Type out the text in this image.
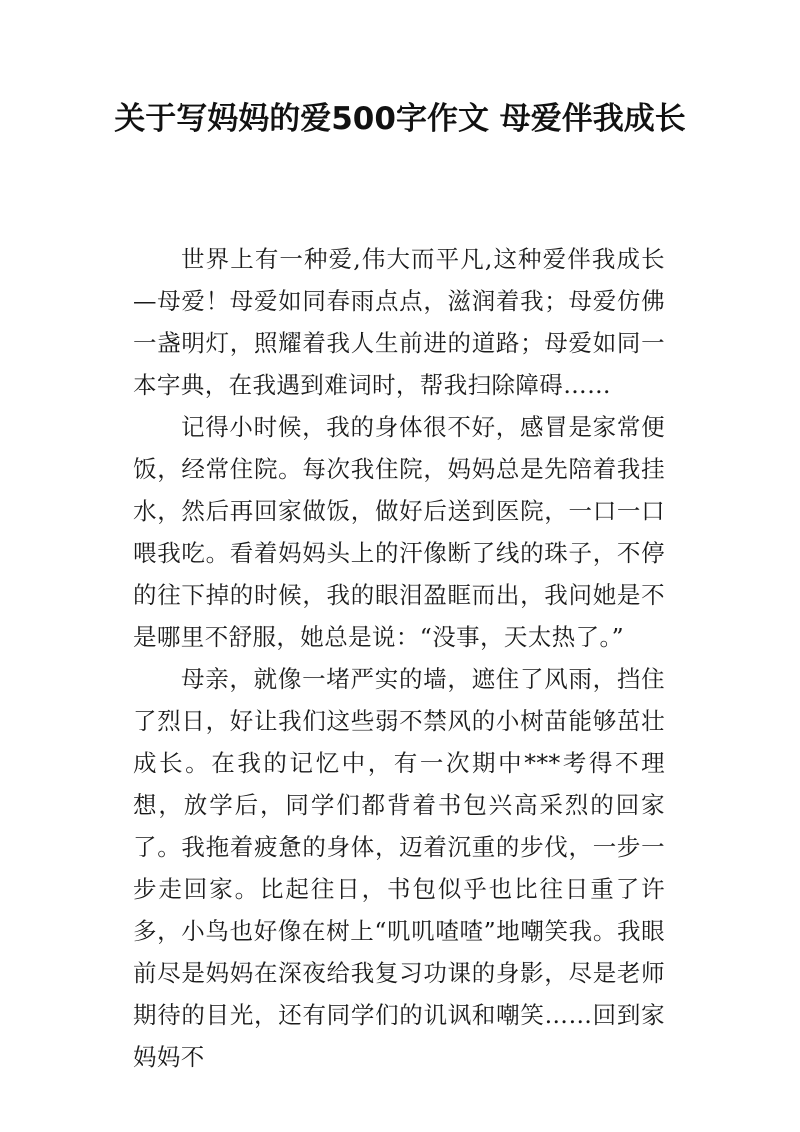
关于写妈妈的爱500字作文 母爱伴我成长

世界上有一种爱,伟大而平凡,这种爱伴我成长—母爱！母爱如同春雨点点，滋润着我；母爱仿佛一盏明灯，照耀着我人生前进的道路；母爱如同一本字典，在我遇到难词时，帮我扫除障碍……

记得小时候，我的身体很不好，感冒是家常便饭，经常住院。每次我住院，妈妈总是先陪着我挂水，然后再回家做饭，做好后送到医院，一口一口喂我吃。看着妈妈头上的汗像断了线的珠子，不停的往下掉的时候，我的眼泪盈眶而出，我问她是不是哪里不舒服，她总是说：“没事，天太热了。”

母亲，就像一堵严实的墙，遮住了风雨，挡住了烈日，好让我们这些弱不禁风的小树苗能够茁壮成长。在我的记忆中，有一次期中***考得不理想，放学后，同学们都背着书包兴高采烈的回家了。我拖着疲惫的身体，迈着沉重的步伐，一步一步走回家。比起往日，书包似乎也比往日重了许多，小鸟也好像在树上“叽叽喳喳”地嘲笑我。我眼前尽是妈妈在深夜给我复习功课的身影，尽是老师期待的目光，还有同学们的讥讽和嘲笑……回到家妈妈不
